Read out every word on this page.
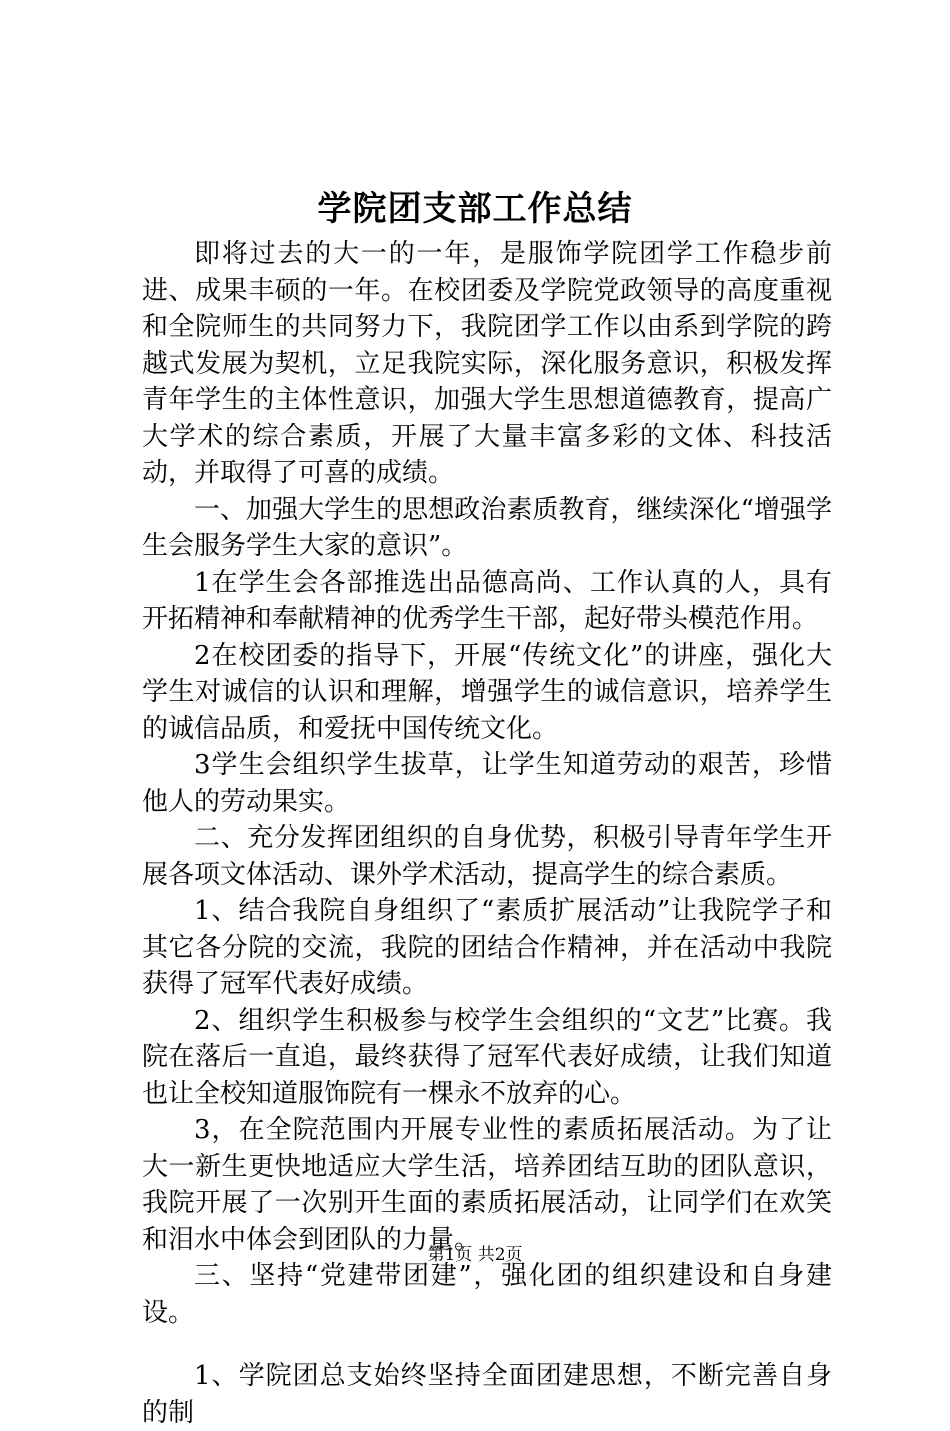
学院团支部工作总结

即将过去的大一的一年，是服饰学院团学工作稳步前进、成果丰硕的一年。在校团委及学院党政领导的高度重视和全院师生的共同努力下，我院团学工作以由系到学院的跨越式发展为契机，立足我院实际，深化服务意识，积极发挥青年学生的主体性意识，加强大学生思想道德教育，提高广大学术的综合素质，开展了大量丰富多彩的文体、科技活动，并取得了可喜的成绩。

一、加强大学生的思想政治素质教育，继续深化“增强学生会服务学生大家的意识”。

1在学生会各部推选出品德高尚、工作认真的人，具有开拓精神和奉献精神的优秀学生干部，起好带头模范作用。

2在校团委的指导下，开展“传统文化”的讲座，强化大学生对诚信的认识和理解，增强学生的诚信意识，培养学生的诚信品质，和爱抚中国传统文化。

3学生会组织学生拔草，让学生知道劳动的艰苦，珍惜他人的劳动果实。

二、充分发挥团组织的自身优势，积极引导青年学生开展各项文体活动、课外学术活动，提高学生的综合素质。

1、结合我院自身组织了“素质扩展活动”让我院学子和其它各分院的交流，我院的团结合作精神，并在活动中我院获得了冠军代表好成绩。

2、组织学生积极参与校学生会组织的“文艺”比赛。我院在落后一直追，最终获得了冠军代表好成绩，让我们知道也让全校知道服饰院有一棵永不放弃的心。

3，在全院范围内开展专业性的素质拓展活动。为了让大一新生更快地适应大学生活，培养团结互助的团队意识，我院开展了一次别开生面的素质拓展活动，让同学们在欢笑和泪水中体会到团队的力量。

三、坚持“党建带团建”，强化团的组织建设和自身建设。

1、学院团总支始终坚持全面团建思想，不断完善自身的制

第1页 共2页
